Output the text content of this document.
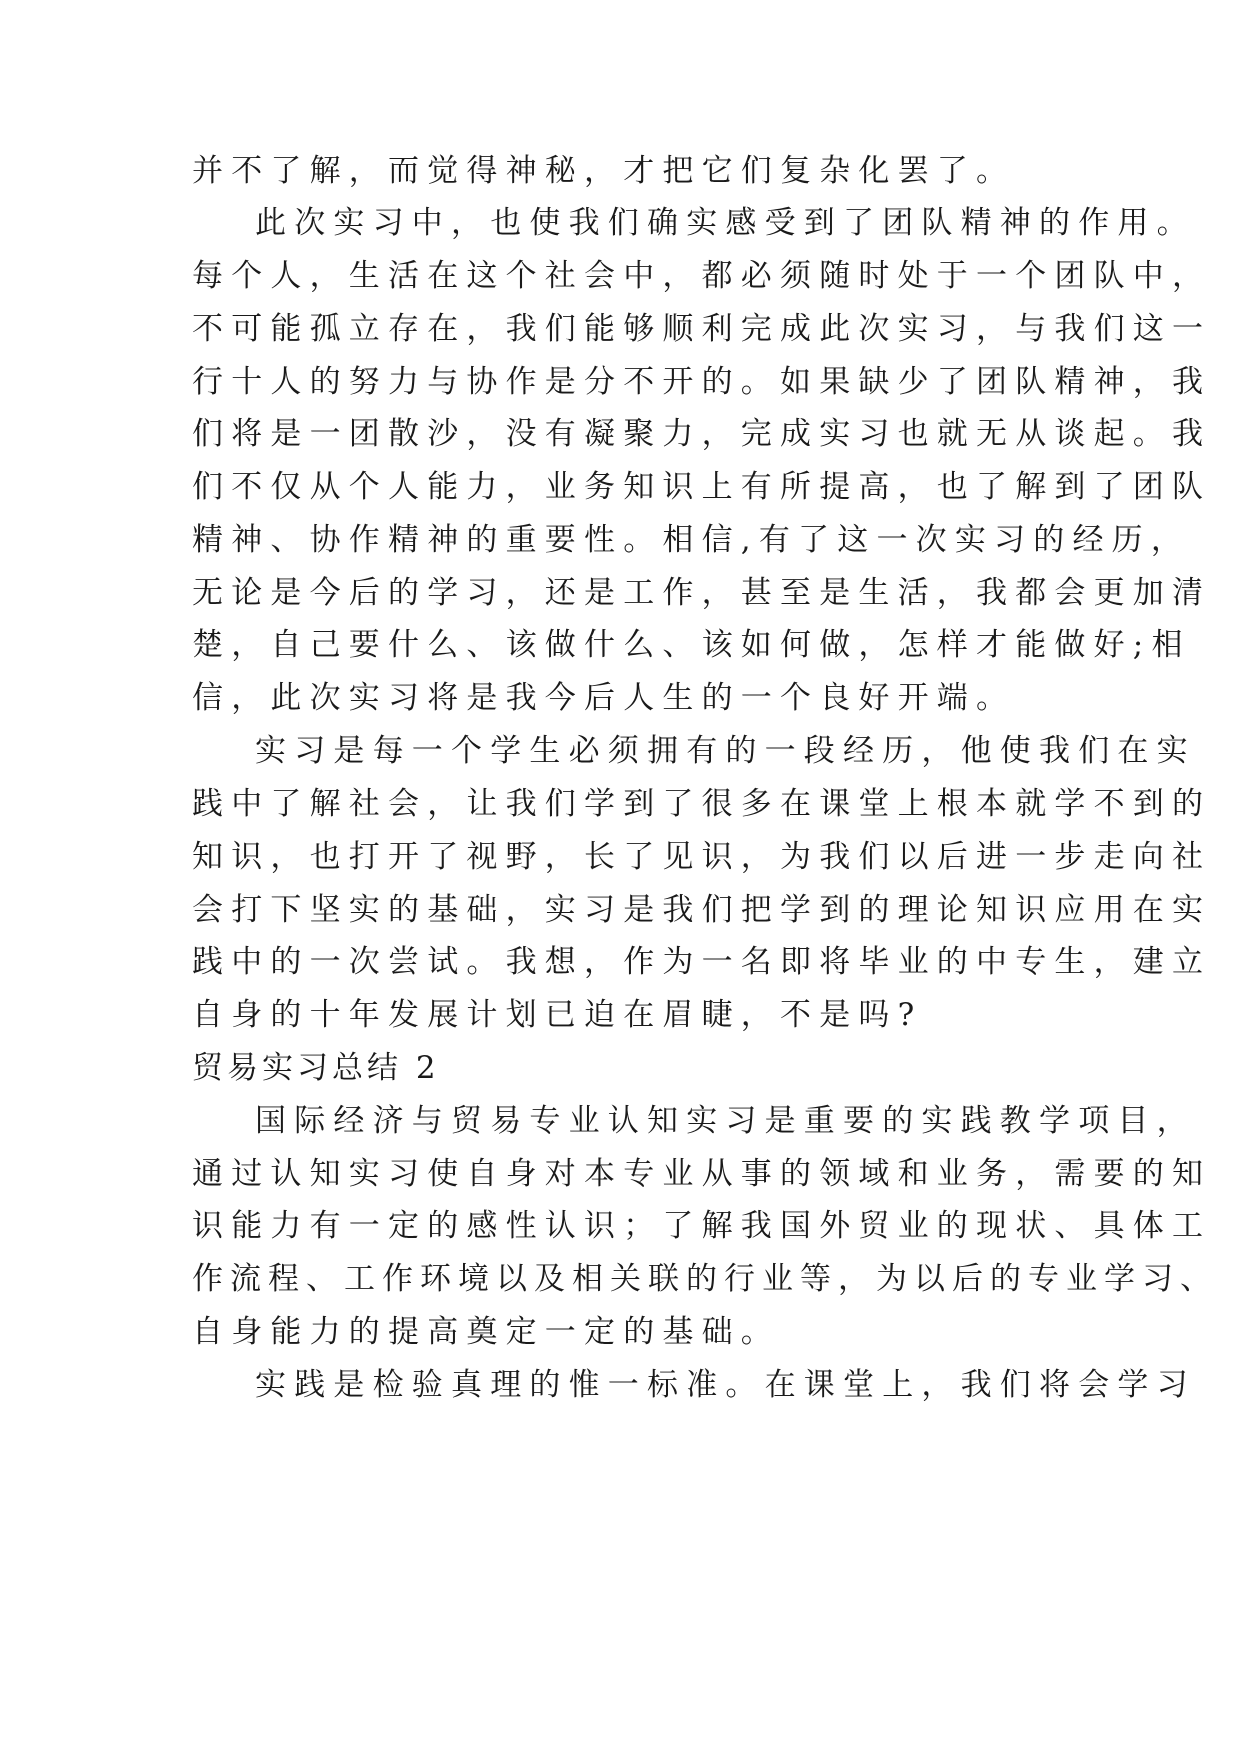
并不了解，而觉得神秘，才把它们复杂化罢了。
此次实习中，也使我们确实感受到了团队精神的作用。
每个人，生活在这个社会中，都必须随时处于一个团队中，
不可能孤立存在，我们能够顺利完成此次实习，与我们这一
行十人的努力与协作是分不开的。如果缺少了团队精神，我
们将是一团散沙，没有凝聚力，完成实习也就无从谈起。我
们不仅从个人能力，业务知识上有所提高，也了解到了团队
精神、协作精神的重要性。相信,有了这一次实习的经历，
无论是今后的学习，还是工作，甚至是生活，我都会更加清
楚，自己要什么、该做什么、该如何做，怎样才能做好;相
信，此次实习将是我今后人生的一个良好开端。
实习是每一个学生必须拥有的一段经历，他使我们在实
践中了解社会，让我们学到了很多在课堂上根本就学不到的
知识，也打开了视野，长了见识，为我们以后进一步走向社
会打下坚实的基础，实习是我们把学到的理论知识应用在实
践中的一次尝试。我想，作为一名即将毕业的中专生，建立
自身的十年发展计划已迫在眉睫，不是吗?
贸易实习总结 2
国际经济与贸易专业认知实习是重要的实践教学项目，
通过认知实习使自身对本专业从事的领域和业务，需要的知
识能力有一定的感性认识；了解我国外贸业的现状、具体工
作流程、工作环境以及相关联的行业等，为以后的专业学习、
自身能力的提高奠定一定的基础。
实践是检验真理的惟一标准。在课堂上，我们将会学习
